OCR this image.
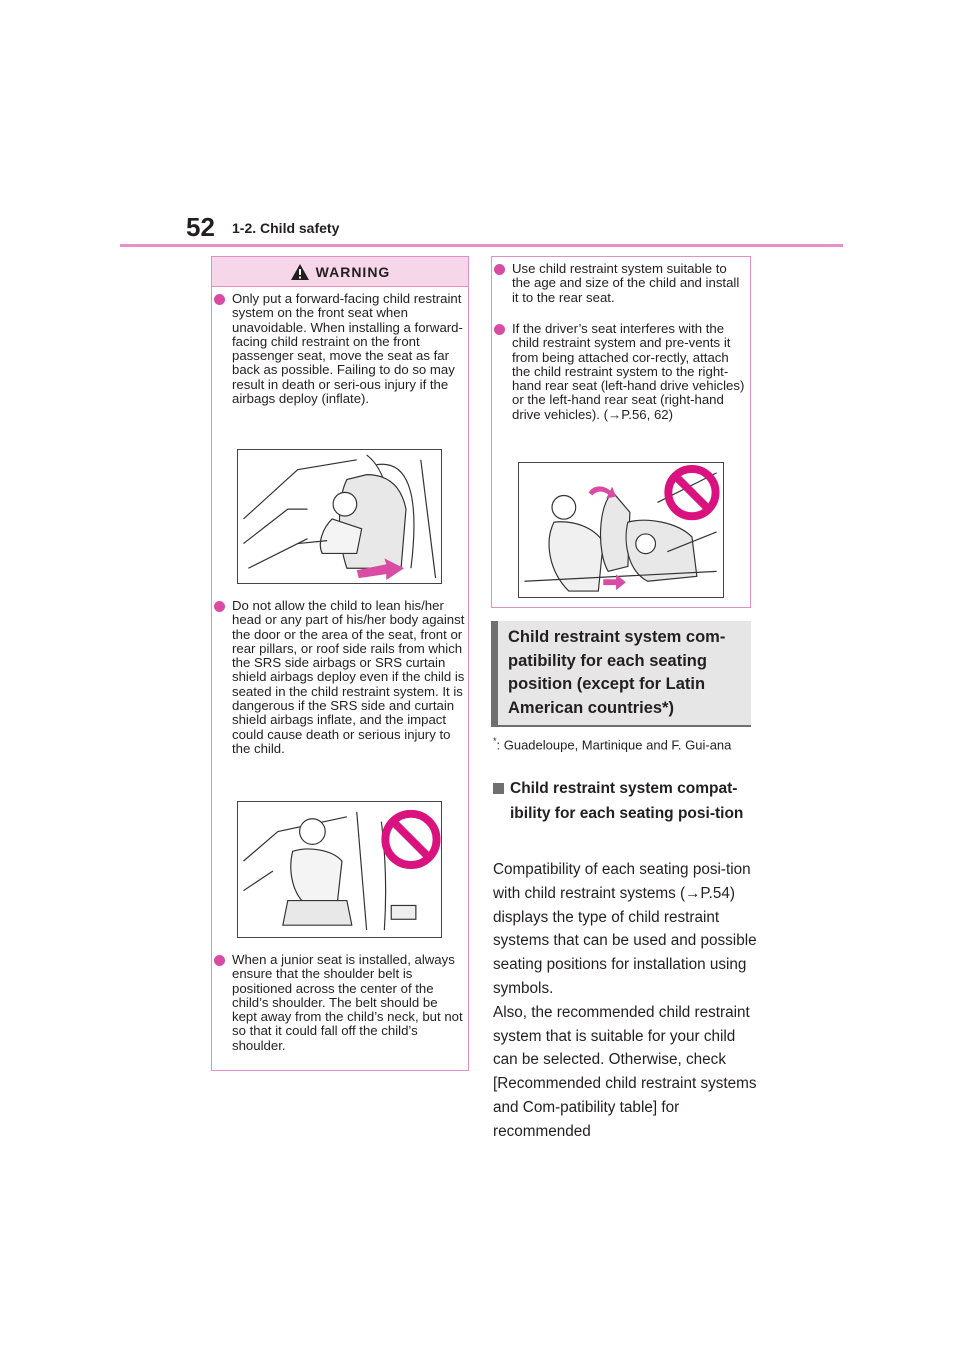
52 1-2. Child safety
WARNING

Only put a forward-facing child restraint system on the front seat when unavoidable. When installing a forward-facing child restraint on the front passenger seat, move the seat as far back as possible. Failing to do so may result in death or seri-ous injury if the airbags deploy (inflate).

Do not allow the child to lean his/her head or any part of his/her body against the door or the area of the seat, front or rear pillars, or roof side rails from which the SRS side airbags or SRS curtain shield airbags deploy even if the child is seated in the child restraint system. It is dangerous if the SRS side and curtain shield airbags inflate, and the impact could cause death or serious injury to the child.

When a junior seat is installed, always ensure that the shoulder belt is positioned across the center of the child’s shoulder. The belt should be kept away from the child’s neck, but not so that it could fall off the child’s shoulder.

Use child restraint system suitable to the age and size of the child and install it to the rear seat.

If the driver’s seat interferes with the child restraint system and pre-vents it from being attached cor-rectly, attach the child restraint system to the right-hand rear seat (left-hand drive vehicles) or the left-hand rear seat (right-hand drive vehicles). (→P.56, 62)

Child restraint system com-patibility for each seating position (except for Latin American countries*)
*: Guadeloupe, Martinique and F. Gui-ana

Child restraint system compat-ibility for each seating posi-tion

Compatibility of each seating posi-tion with child restraint systems (→P.54) displays the type of child restraint systems that can be used and possible seating positions for installation using symbols.

Also, the recommended child restraint system that is suitable for your child can be selected. Otherwise, check [Recommended child restraint systems and Com-patibility table] for recommended
